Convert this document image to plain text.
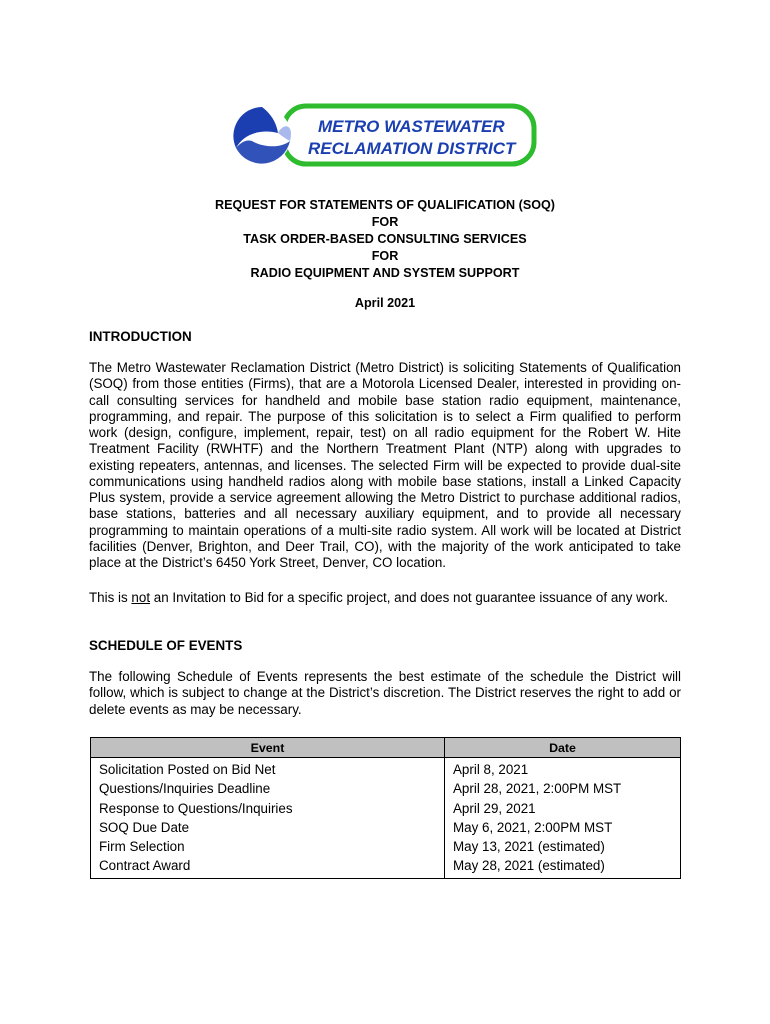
METRO WASTEWATER
RECLAMATION DISTRICT
REQUEST FOR STATEMENTS OF QUALIFICATION (SOQ)
FOR
TASK ORDER-BASED CONSULTING SERVICES
FOR
RADIO EQUIPMENT AND SYSTEM SUPPORT
April 2021
INTRODUCTION

The Metro Wastewater Reclamation District (Metro District) is soliciting Statements of Qualification (SOQ) from those entities (Firms), that are a Motorola Licensed Dealer, interested in providing on-call consulting services for handheld and mobile base station radio equipment, maintenance, programming, and repair. The purpose of this solicitation is to select a Firm qualified to perform work (design, configure, implement, repair, test) on all radio equipment for the Robert W. Hite Treatment Facility (RWHTF) and the Northern Treatment Plant (NTP) along with upgrades to existing repeaters, antennas, and licenses. The selected Firm will be expected to provide dual-site communications using handheld radios along with mobile base stations, install a Linked Capacity Plus system, provide a service agreement allowing the Metro District to purchase additional radios, base stations, batteries and all necessary auxiliary equipment, and to provide all necessary programming to maintain operations of a multi-site radio system. All work will be located at District facilities (Denver, Brighton, and Deer Trail, CO), with the majority of the work anticipated to take place at the District’s 6450 York Street, Denver, CO location.

This is not an Invitation to Bid for a specific project, and does not guarantee issuance of any work.

SCHEDULE OF EVENTS

The following Schedule of Events represents the best estimate of the schedule the District will follow, which is subject to change at the District’s discretion. The District reserves the right to add or delete events as may be necessary.

Event	Date
Solicitation Posted on Bid Net	April 8, 2021
Questions/Inquiries Deadline	April 28, 2021, 2:00PM MST
Response to Questions/Inquiries	April 29, 2021
SOQ Due Date	May 6, 2021, 2:00PM MST
Firm Selection	May 13, 2021 (estimated)
Contract Award	May 28, 2021 (estimated)
